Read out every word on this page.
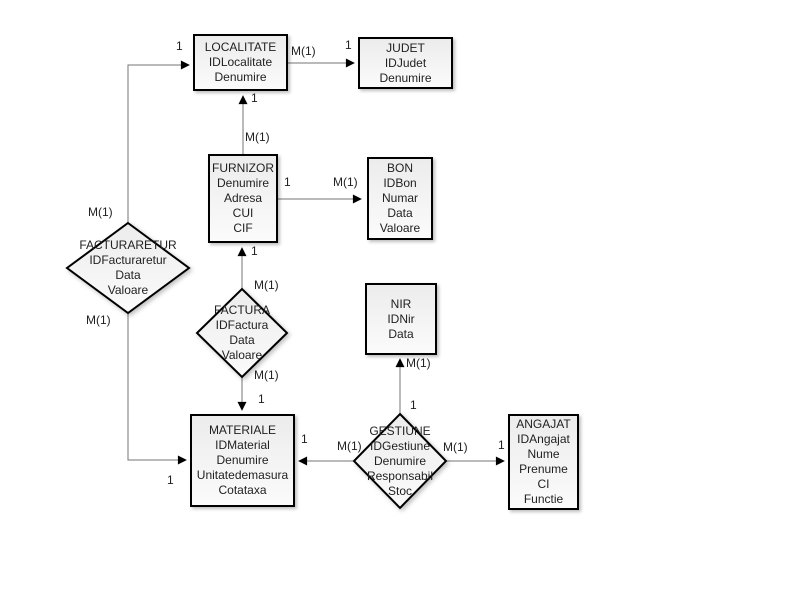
LOCALITATE
IDLocalitate
Denumire
JUDET
IDJudet
Denumire
FURNIZOR
Denumire
Adresa
CUI
CIF
BON
IDBon
Numar
Data
Valoare
NIR
IDNir
Data
MATERIALE
IDMaterial
Denumire
Unitatedemasura
Cotataxa
ANGAJAT
IDAngajat
Nume
Prenume
CI
Functie
FACTURARETUR
IDFacturaretur
Data
Valoare
FACTURA
IDFactura
Data
Valoare
GESTIUNE
IDGestiune
Denumire
Responsabil
Stoc
M(1)
1
M(1)
1
M(1)
1
M(1) 1
1	M(1)
M(1)
1
M(1)
1	1
M(1)
M(1)
1
M(1)	1
